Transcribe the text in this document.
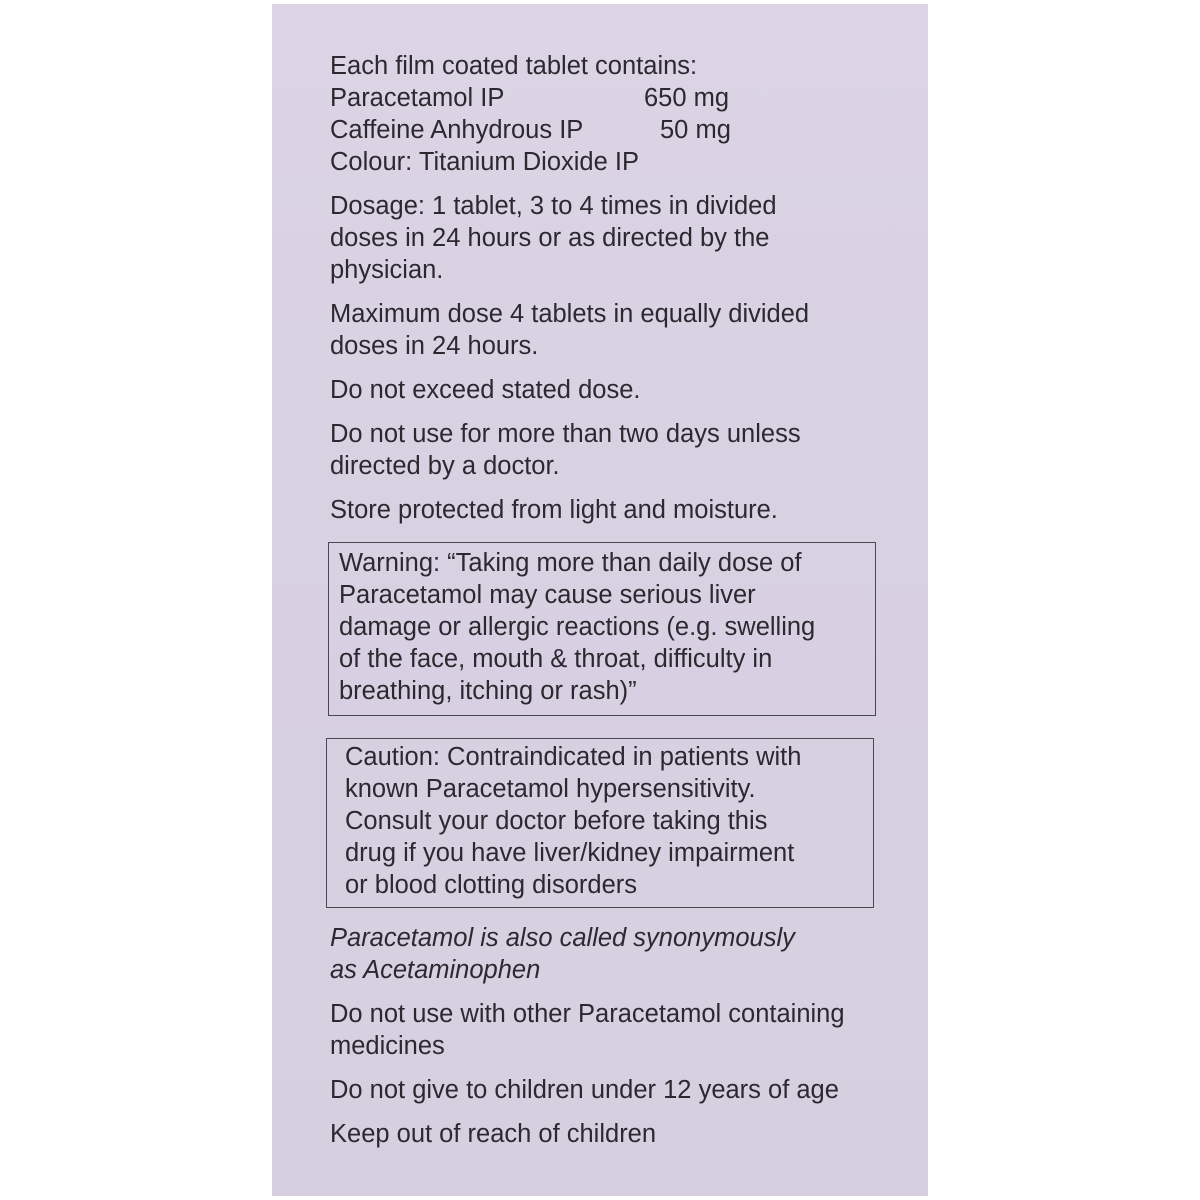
Each film coated tablet contains:

Paracetamol IP	650 mg
Caffeine Anhydrous IP	50 mg

Colour: Titanium Dioxide IP

Dosage: 1 tablet, 3 to 4 times in divided

doses in 24 hours or as directed by the

physician.

Maximum dose 4 tablets in equally divided

doses in 24 hours.

Do not exceed stated dose.

Do not use for more than two days unless

directed by a doctor.

Store protected from light and moisture.

Warning: “Taking more than daily dose of

Paracetamol may cause serious liver

damage or allergic reactions (e.g. swelling

of the face, mouth & throat, difficulty in

breathing, itching or rash)”

Caution: Contraindicated in patients with

known Paracetamol hypersensitivity.

Consult your doctor before taking this

drug if you have liver/kidney impairment

or blood clotting disorders

Paracetamol is also called synonymously

as Acetaminophen

Do not use with other Paracetamol containing

medicines

Do not give to children under 12 years of age

Keep out of reach of children
